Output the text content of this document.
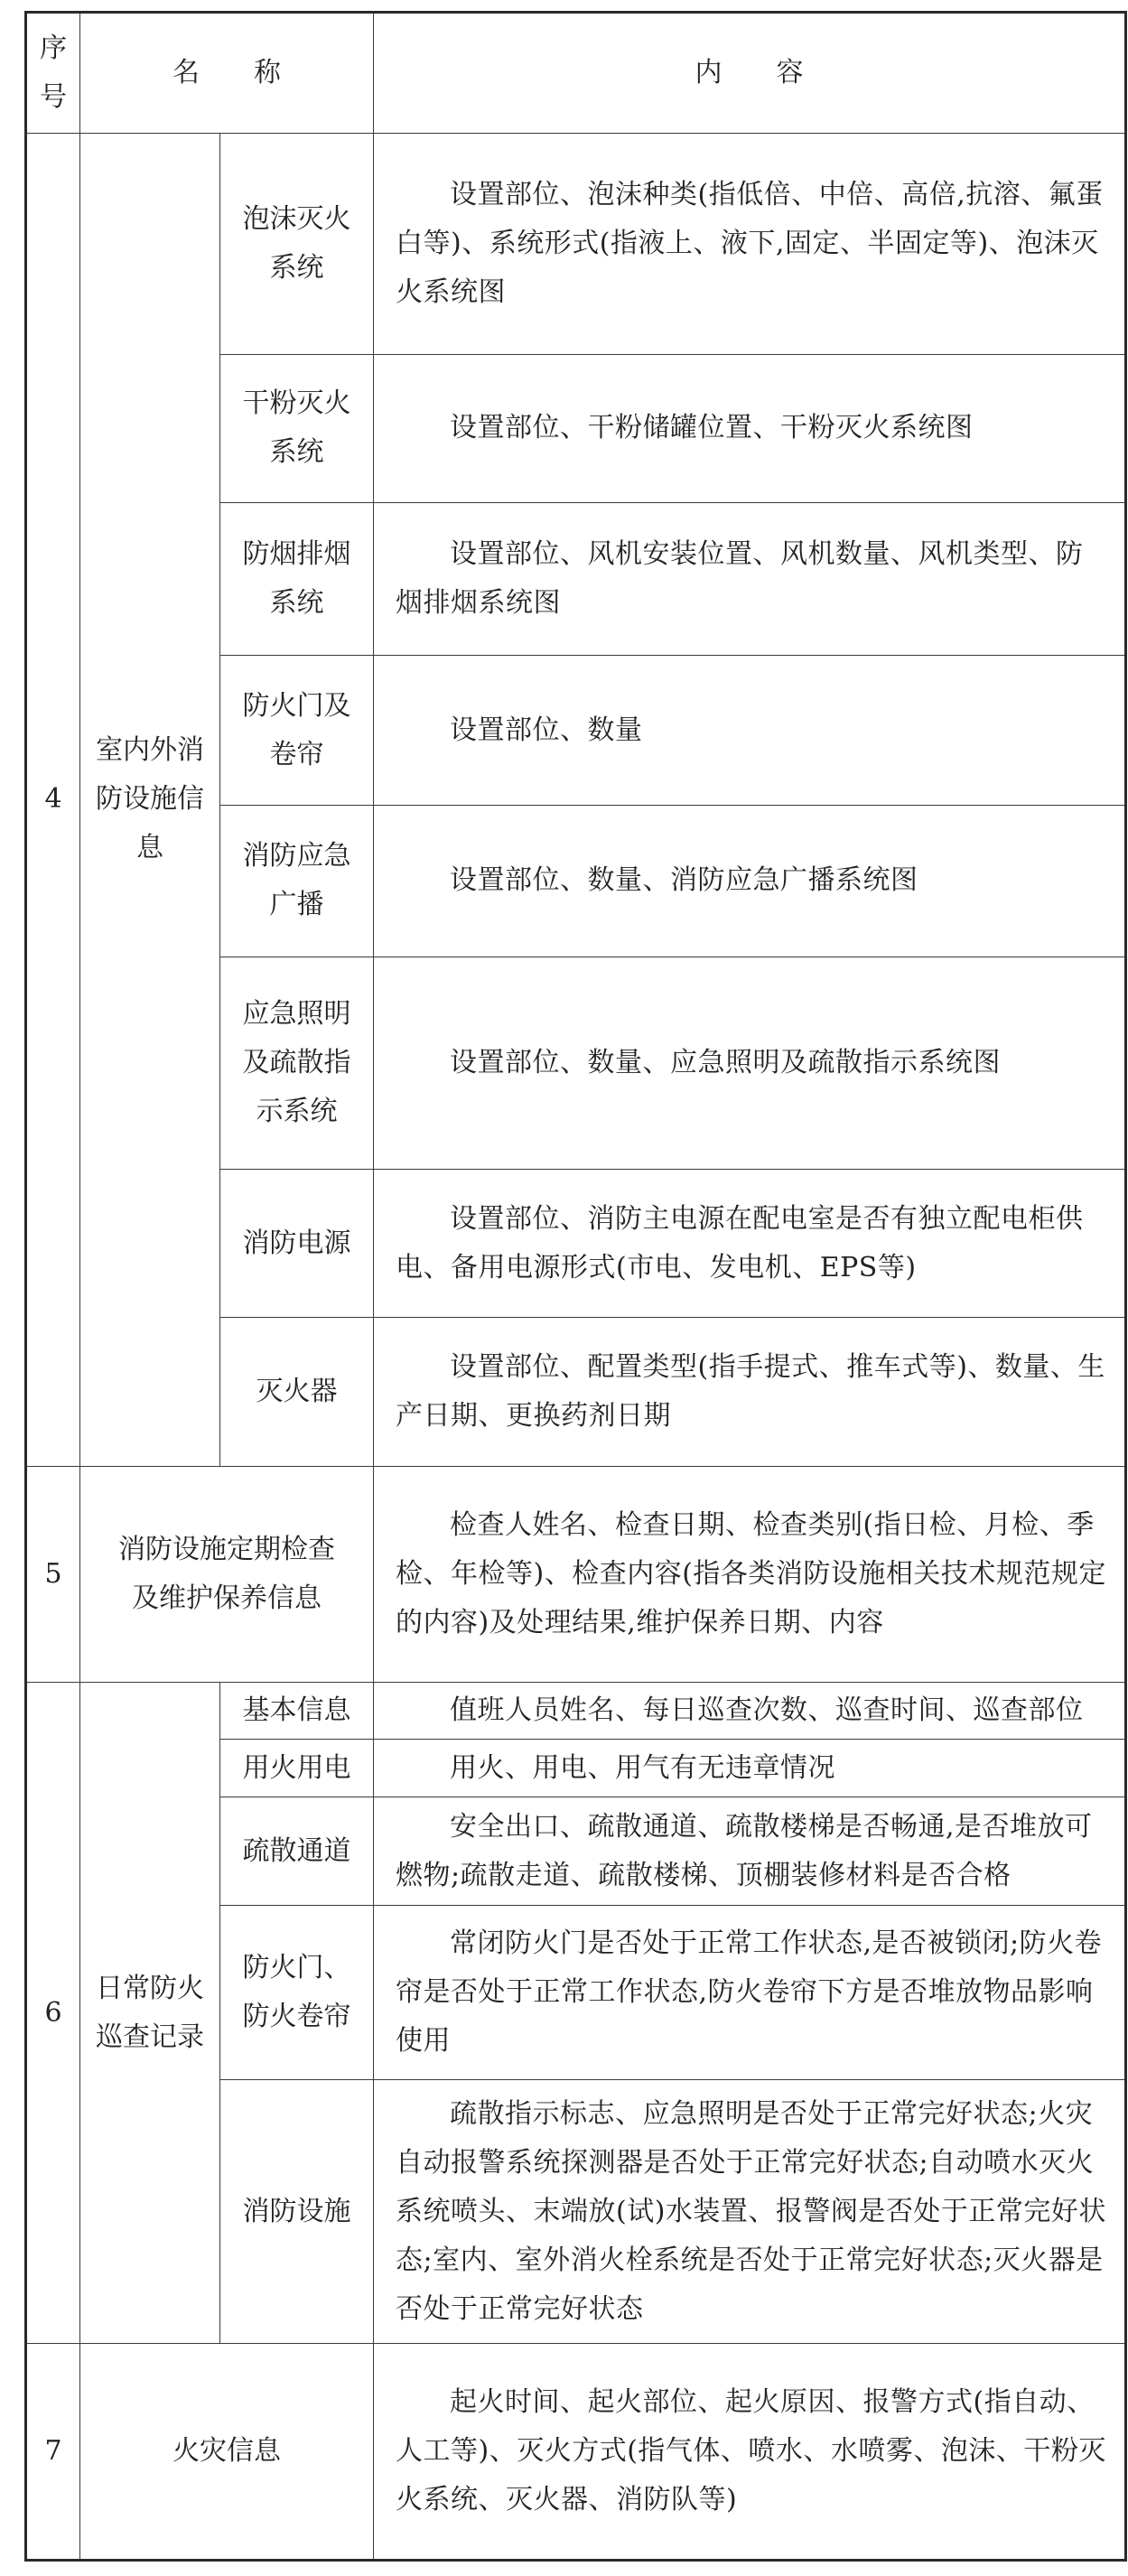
序号	名　　称		内　　容
4	室内外消防设施信息	泡沫灭火系统	设置部位、泡沫种类(指低倍、中倍、高倍,抗溶、氟蛋白等)、系统形式(指液上、液下,固定、半固定等)、泡沫灭火系统图
		干粉灭火系统	设置部位、干粉储罐位置、干粉灭火系统图
		防烟排烟系统	设置部位、风机安装位置、风机数量、风机类型、防烟排烟系统图
		防火门及卷帘	设置部位、数量
		消防应急广播	设置部位、数量、消防应急广播系统图
		应急照明及疏散指示系统	设置部位、数量、应急照明及疏散指示系统图
		消防电源	设置部位、消防主电源在配电室是否有独立配电柜供电、备用电源形式(市电、发电机、EPS等)
		灭火器	设置部位、配置类型(指手提式、推车式等)、数量、生产日期、更换药剂日期
5	消防设施定期检查及维护保养信息		检查人姓名、检查日期、检查类别(指日检、月检、季检、年检等)、检查内容(指各类消防设施相关技术规范规定的内容)及处理结果,维护保养日期、内容
6	日常防火巡查记录	基本信息	值班人员姓名、每日巡查次数、巡查时间、巡查部位
		用火用电	用火、用电、用气有无违章情况
		疏散通道	安全出口、疏散通道、疏散楼梯是否畅通,是否堆放可燃物;疏散走道、疏散楼梯、顶棚装修材料是否合格
		防火门、防火卷帘	常闭防火门是否处于正常工作状态,是否被锁闭;防火卷帘是否处于正常工作状态,防火卷帘下方是否堆放物品影响使用
		消防设施	疏散指示标志、应急照明是否处于正常完好状态;火灾自动报警系统探测器是否处于正常完好状态;自动喷水灭火系统喷头、末端放(试)水装置、报警阀是否处于正常完好状态;室内、室外消火栓系统是否处于正常完好状态;灭火器是否处于正常完好状态
7	火灾信息		起火时间、起火部位、起火原因、报警方式(指自动、人工等)、灭火方式(指气体、喷水、水喷雾、泡沫、干粉灭火系统、灭火器、消防队等)
